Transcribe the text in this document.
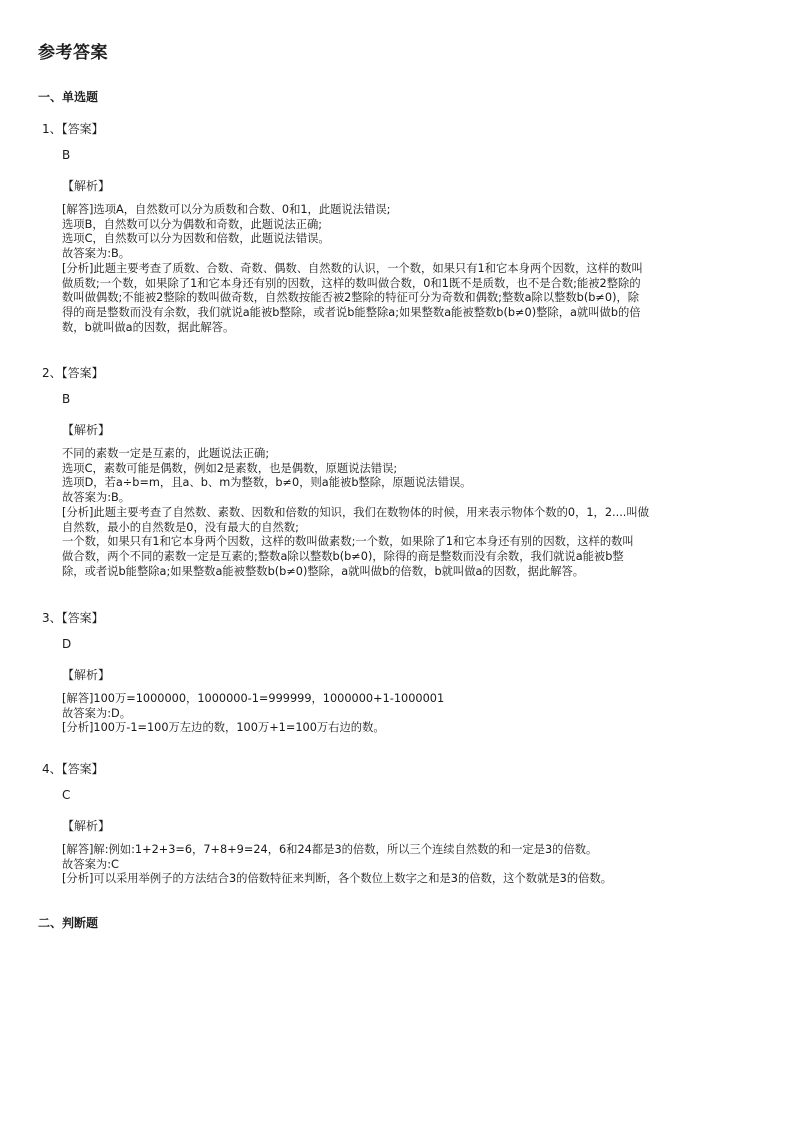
参考答案
一、单选题
1、【答案】
B
【解析】
[解答]选项A，自然数可以分为质数和合数、0和1，此题说法错误;
选项B，自然数可以分为偶数和奇数，此题说法正确;
选项C，自然数可以分为因数和倍数，此题说法错误。
故答案为:B。
[分析]此题主要考查了质数、合数、奇数、偶数、自然数的认识，一个数，如果只有1和它本身两个因数，这样的数叫
做质数;一个数，如果除了1和它本身还有别的因数，这样的数叫做合数，0和1既不是质数，也不是合数;能被2整除的
数叫做偶数;不能被2整除的数叫做奇数，自然数按能否被2整除的特征可分为奇数和偶数;整数a除以整数b(b≠0)，除
得的商是整数而没有余数，我们就说a能被b整除，或者说b能整除a;如果整数a能被整数b(b≠0)整除，a就叫做b的倍
数，b就叫做a的因数，据此解答。
2、【答案】
B
【解析】
不同的素数一定是互素的，此题说法正确;
选项C，素数可能是偶数，例如2是素数，也是偶数，原题说法错误;
选项D，若a÷b=m，且a、b、m为整数，b≠0，则a能被b整除，原题说法错误。
故答案为:B。
[分析]此题主要考查了自然数、素数、因数和倍数的知识，我们在数物体的时候，用来表示物体个数的0，1，2....叫做
自然数，最小的自然数是0，没有最大的自然数;
一个数，如果只有1和它本身两个因数，这样的数叫做素数;一个数，如果除了1和它本身还有别的因数，这样的数叫
做合数，两个不同的素数一定是互素的;整数a除以整数b(b≠0)，除得的商是整数而没有余数，我们就说a能被b整
除，或者说b能整除a;如果整数a能被整数b(b≠0)整除，a就叫做b的倍数，b就叫做a的因数，据此解答。
3、【答案】
D
【解析】
[解答]100万=1000000，1000000-1=999999，1000000+1-1000001
故答案为:D。
[分析]100万-1=100万左边的数，100万+1=100万右边的数。
4、【答案】
C
【解析】
[解答]解:例如:1+2+3=6，7+8+9=24，6和24都是3的倍数，所以三个连续自然数的和一定是3的倍数。
故答案为:C
[分析]可以采用举例子的方法结合3的倍数特征来判断，各个数位上数字之和是3的倍数，这个数就是3的倍数。
二、判断题
